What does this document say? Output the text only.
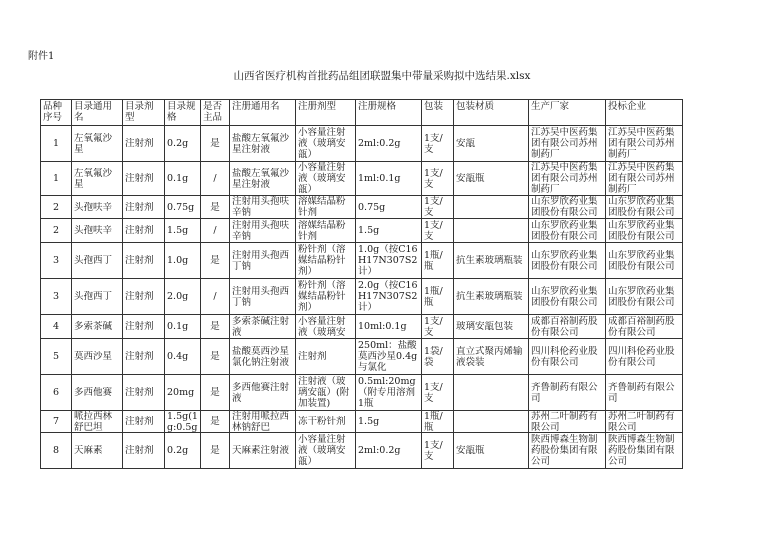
附件1
山西省医疗机构首批药品组团联盟集中带量采购拟中选结果.xlsx
品种序号	目录通用名	目录剂型	目录规格	是否主品	注册通用名	注册剂型	注册规格	包装	包装材质	生产厂家	投标企业

1	左氧氟沙星	注射剂	0.2g	是	盐酸左氧氟沙星注射液	小容量注射液（玻璃安瓿）	2ml:0.2g	1支/支	安瓿	江苏吴中医药集团有限公司苏州制药厂	江苏吴中医药集团有限公司苏州制药厂

1	左氧氟沙星	注射剂	0.1g	/	盐酸左氧氟沙星注射液	小容量注射液（玻璃安瓿）	1ml:0.1g	1支/支	安瓿瓶	江苏吴中医药集团有限公司苏州制药厂	江苏吴中医药集团有限公司苏州制药厂

2	头孢呋辛	注射剂	0.75g	是	注射用头孢呋辛钠	溶媒结晶粉针剂	0.75g	1支/支		山东罗欣药业集团股份有限公司	山东罗欣药业集团股份有限公司

2	头孢呋辛	注射剂	1.5g	/	注射用头孢呋辛钠	溶媒结晶粉针剂	1.5g	1支/支		山东罗欣药业集团股份有限公司	山东罗欣药业集团股份有限公司

3	头孢西丁	注射剂	1.0g	是	注射用头孢西丁钠	粉针剂（溶媒结晶粉针剂）	1.0g（按C16H17N307S2计）	1瓶/瓶	抗生素玻璃瓶装	山东罗欣药业集团股份有限公司	山东罗欣药业集团股份有限公司

3	头孢西丁	注射剂	2.0g	/	注射用头孢西丁钠	粉针剂（溶媒结晶粉针剂）	2.0g（按C16H17N307S2计）	1瓶/瓶	抗生素玻璃瓶装	山东罗欣药业集团股份有限公司	山东罗欣药业集团股份有限公司

4	多索茶碱	注射剂	0.1g	是	多索茶碱注射液	小容量注射液（玻璃安	10ml:0.1g	1支/支	玻璃安瓿包装	成都百裕制药股份有限公司	成都百裕制药股份有限公司

5	莫西沙星	注射剂	0.4g	是	盐酸莫西沙星氯化钠注射液	注射剂	250ml：盐酸莫西沙星0.4g与氯化	1袋/袋	直立式聚丙烯输液袋装	四川科伦药业股份有限公司	四川科伦药业股份有限公司

6	多西他赛	注射剂	20mg	是	多西他赛注射液	注射液（玻璃安瓿）(附加装置)	0.5ml:20mg（附专用溶剂1瓶	1支/支		齐鲁制药有限公司	齐鲁制药有限公司

7	哌拉西林舒巴坦	注射剂	1.5g(1g:0.5g	是	注射用哌拉西林钠舒巴	冻干粉针剂	1.5g	1瓶/瓶		苏州二叶制药有限公司	苏州二叶制药有限公司

8	天麻素	注射剂	0.2g	是	天麻素注射液	小容量注射液（玻璃安瓿）	2ml:0.2g	1支/支	安瓿瓶	陕西博森生物制药股份集团有限公司	陕西博森生物制药股份集团有限公司
